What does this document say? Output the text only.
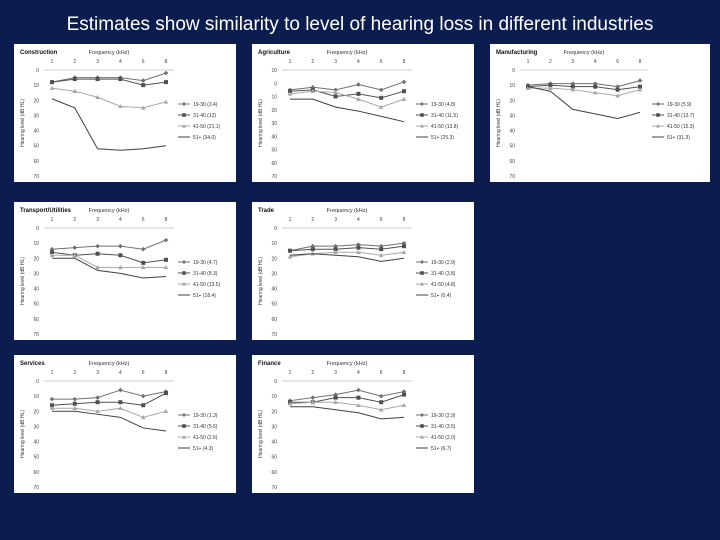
Estimates show similarity to level of hearing loss in different industries
Construction	Frequency (kHz)
Hearing level (dB HL)
1	2	3	4	6	8
0
10
20
30
40
50
60
70
19-30 (3.4)
31-40 (12)
41-50 (21.1)
51+ (34.0)
Agriculture	Frequency (kHz)
Hearing level (dB HL)
1	2	3	4	6	8
10
0
10
20
30
40
50
60
70
19-30 (4.8)
31-40 (11.5)
41-50 (13.8)
51+ (25.3)
Manufacturing	Frequency (kHz)
Hearing level (dB HL)
1	2	3	4	6	8
0
10
20
30
40
50
60
70
19-30 (5.9)
31-40 (13.7)
41-50 (15.3)
51+ (31.3)
Transport/Utilities	Frequency (kHz)
Hearing level (dB HL)
1	2	3	4	6	8
0
10
20
30
40
50
60
70
19-30 (4.7)
31-40 (8.3)
41-50 (13.5)
51+ (18.4)
Trade	Frequency (kHz)
Hearing level (dB HL)
1	2	3	4	6	8
0
10
20
30
40
50
60
70
19-30 (2.9)
31-40 (3.8)
41-50 (4.8)
51+ (0.4)
Services	Frequency (kHz)
Hearing level (dB HL)
1	2	3	4	6	8
0
10
20
30
40
50
60
70
19-30 (1.3)
31-40 (5.6)
41-50 (2.6)
51+ (4.3)
Finance	Frequency (kHz)
Hearing level (dB HL)
1	2	3	4	6	8
0
10
20
30
40
50
60
70
19-30 (2.9)
31-40 (3.5)
41-50 (2.0)
51+ (6.7)
